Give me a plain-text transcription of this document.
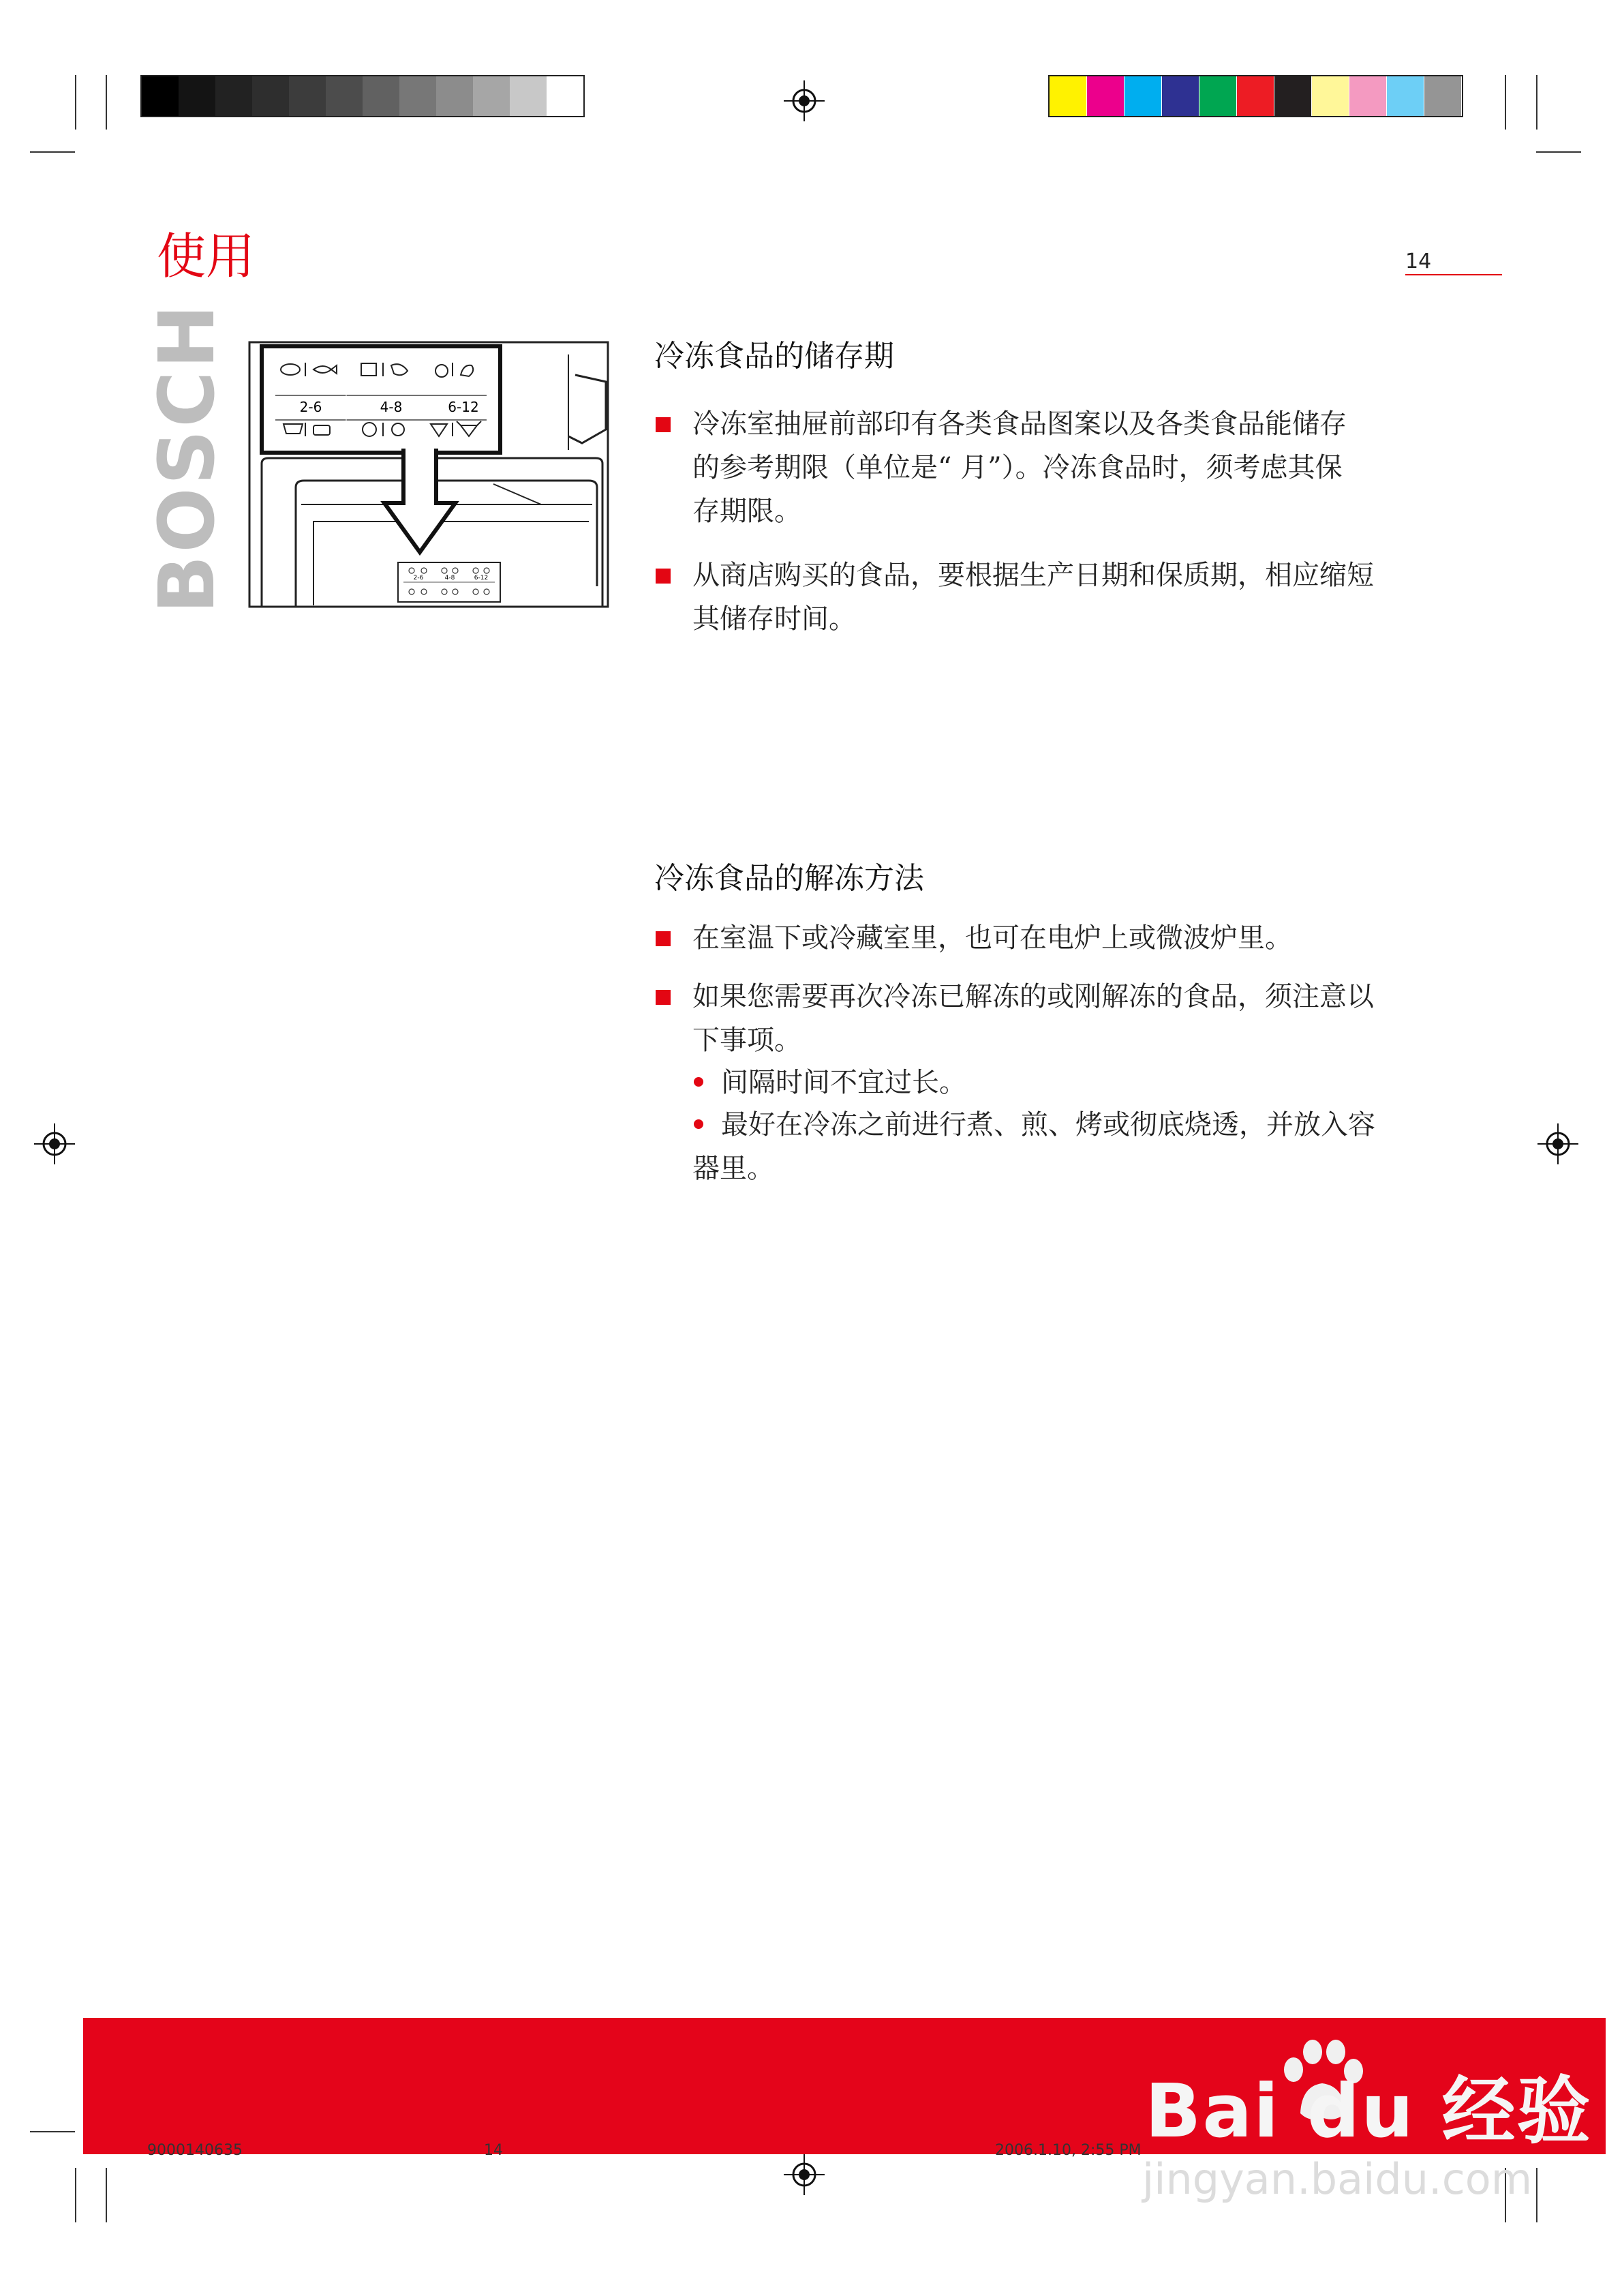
使用	14
BOSCH	2-6	4-8	6-12
2-6	4-8	6-12
冷冻食品的储存期
冷冻室抽屉前部印有各类食品图案以及各类食品能储存
的参考期限（单位是“ 月”）。冷冻食品时，须考虑其保
存期限。
从商店购买的食品，要根据生产日期和保质期，相应缩短
其储存时间。
冷冻食品的解冻方法
在室温下或冷藏室里，也可在电炉上或微波炉里。
如果您需要再次冷冻已解冻的或刚解冻的食品，须注意以
下事项。
间隔时间不宜过长。
最好在冷冻之前进行煮、煎、烤或彻底烧透，并放入容
器里。
Bai du 经验
jingyan.baidu.com
9000140635	14	2006.1.10, 2:55 PM
